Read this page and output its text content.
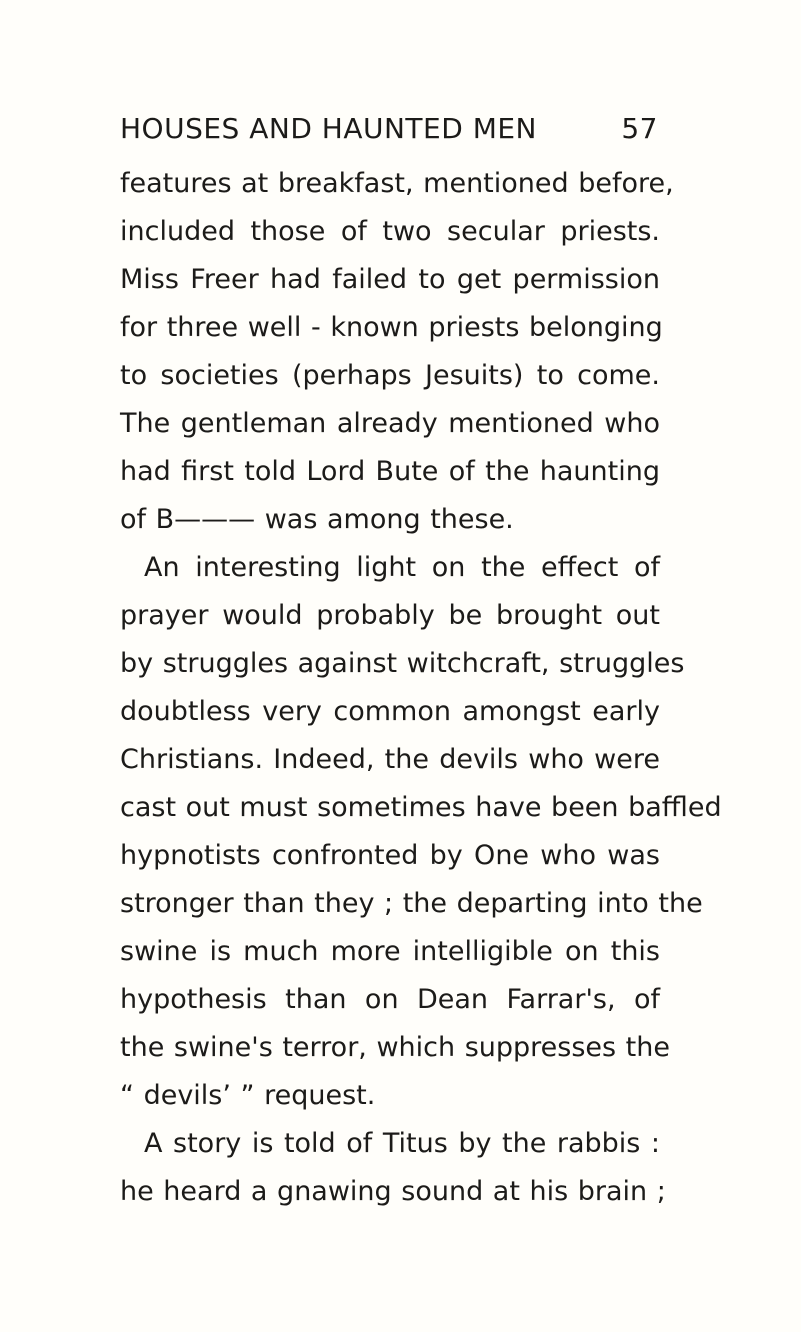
HOUSES AND HAUNTED MEN	57
features at breakfast, mentioned before,
included those of two secular priests.
Miss Freer had failed to get permission
for three well - known priests belonging
to societies (perhaps Jesuits) to come.
The gentleman already mentioned who
had first told Lord Bute of the haunting
of B——— was among these.
An interesting light on the effect of
prayer would probably be brought out
by struggles against witchcraft, struggles
doubtless very common amongst early
Christians. Indeed, the devils who were
cast out must sometimes have been baffled
hypnotists confronted by One who was
stronger than they ; the departing into the
swine is much more intelligible on this
hypothesis than on Dean Farrar's, of
the swine's terror, which suppresses the
“ devils’ ” request.
A story is told of Titus by the rabbis :
he heard a gnawing sound at his brain ;
